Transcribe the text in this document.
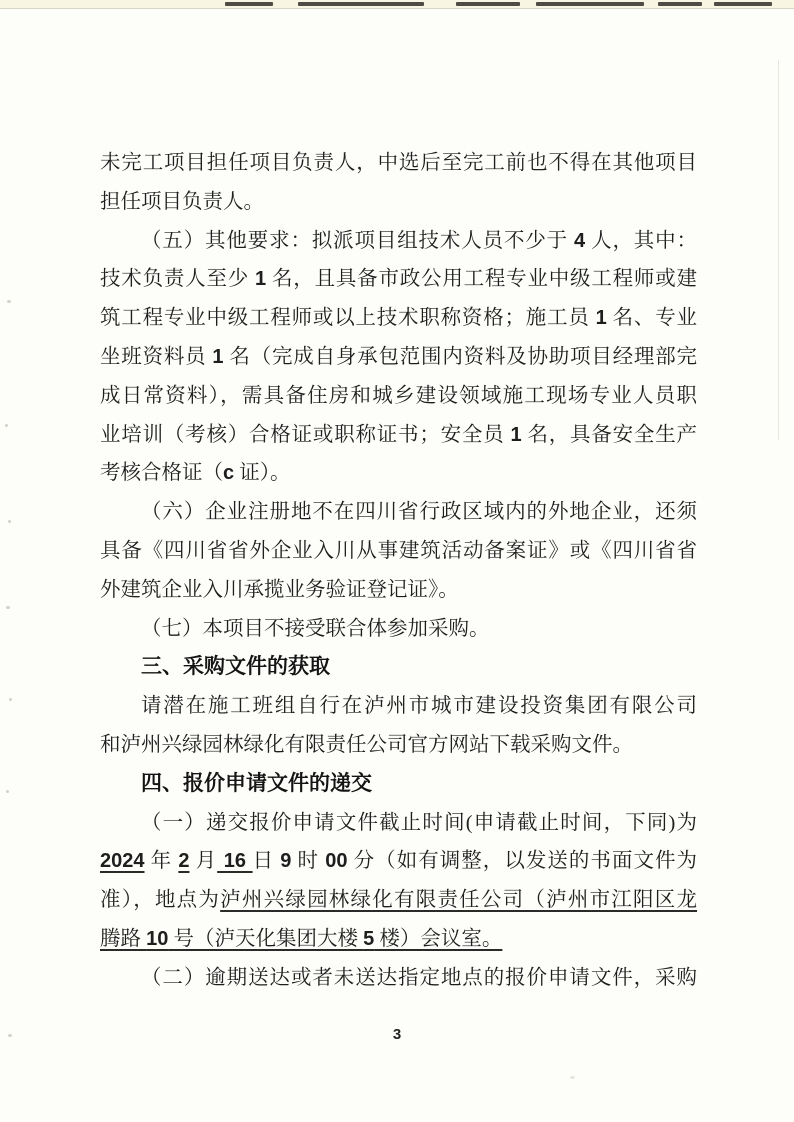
未完工项目担任项目负责人，中选后至完工前也不得在其他项目
担任项目负责人。
（五）其他要求：拟派项目组技术人员不少于 4 人，其中：
技术负责人至少 1 名，且具备市政公用工程专业中级工程师或建
筑工程专业中级工程师或以上技术职称资格；施工员 1 名、专业
坐班资料员 1 名（完成自身承包范围内资料及协助项目经理部完
成日常资料），需具备住房和城乡建设领域施工现场专业人员职
业培训（考核）合格证或职称证书；安全员 1 名，具备安全生产
考核合格证（c 证）。
（六）企业注册地不在四川省行政区域内的外地企业，还须
具备《四川省省外企业入川从事建筑活动备案证》或《四川省省
外建筑企业入川承揽业务验证登记证》。
（七）本项目不接受联合体参加采购。
三、采购文件的获取
请潜在施工班组自行在泸州市城市建设投资集团有限公司
和泸州兴绿园林绿化有限责任公司官方网站下载采购文件。
四、报价申请文件的递交
（一）递交报价申请文件截止时间(申请截止时间，下同)为
2024 年 2 月 16 日 9 时 00 分（如有调整，以发送的书面文件为
准），地点为泸州兴绿园林绿化有限责任公司（泸州市江阳区龙
腾路 10 号（泸天化集团大楼 5 楼）会议室。
（二）逾期送达或者未送达指定地点的报价申请文件，采购
3
